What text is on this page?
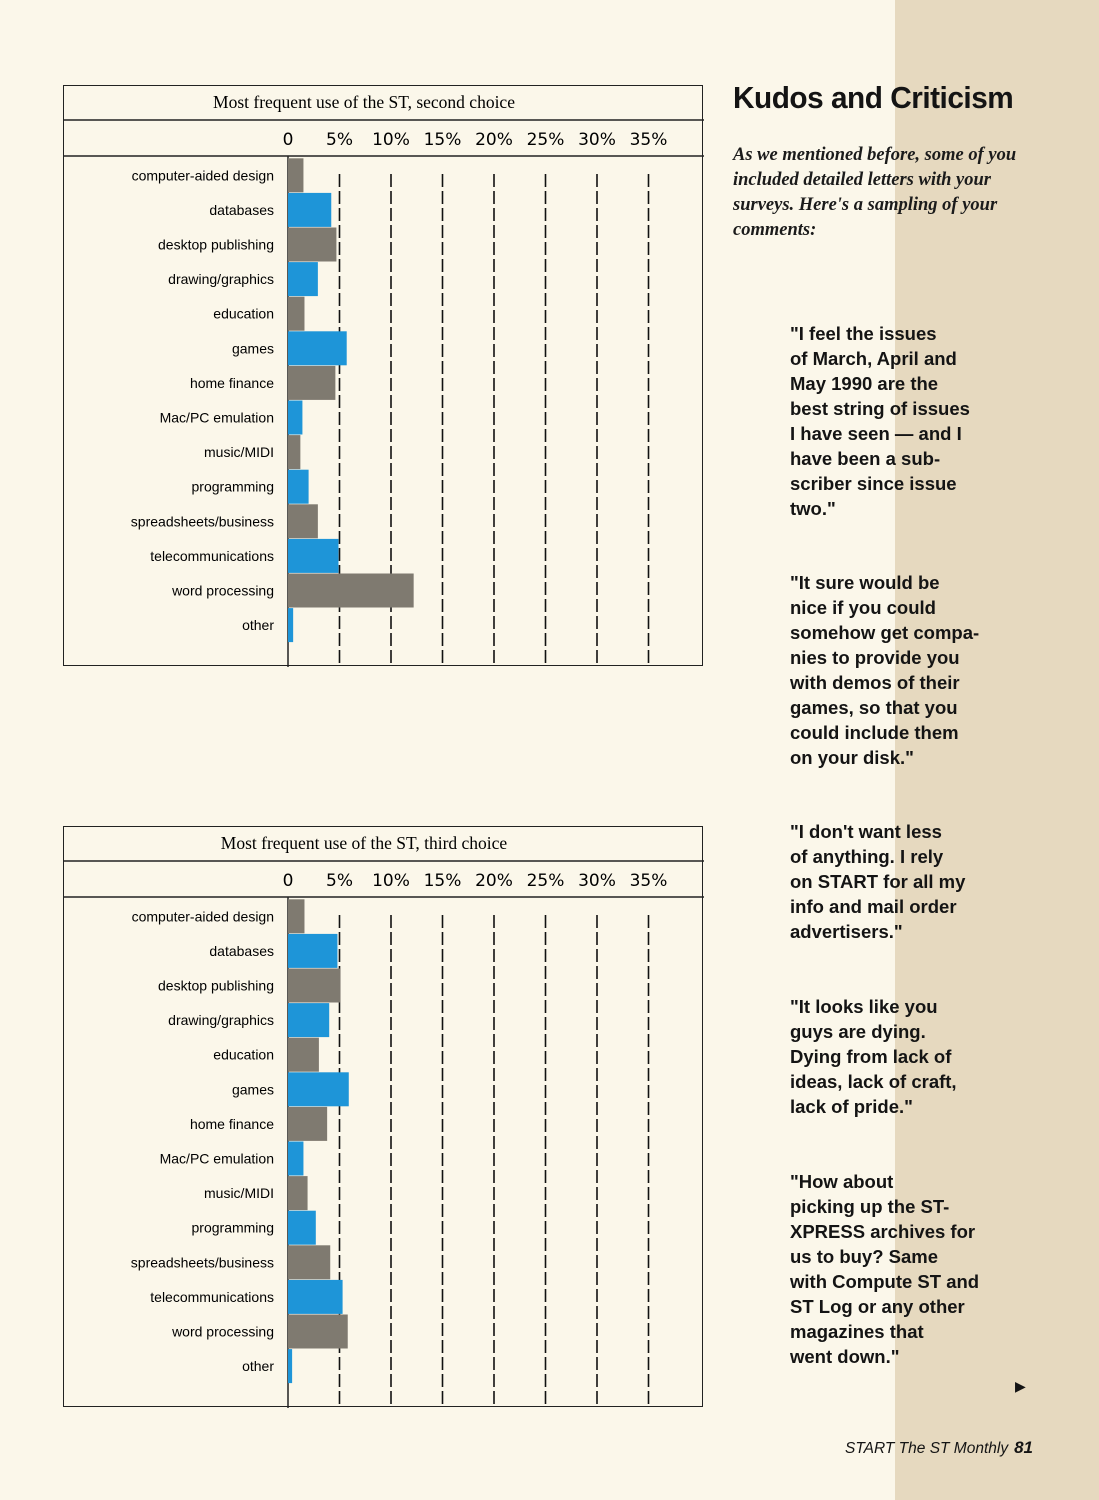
Most frequent use of the ST, second choice
0 5% 10% 15% 20% 25% 30% 35%
computer-aided design
databases
desktop publishing
drawing/graphics
education
games
home finance
Mac/PC emulation
music/MIDI
programming
spreadsheets/business
telecommunications
word processing
other
Most frequent use of the ST, third choice
0 5% 10% 15% 20% 25% 30% 35%
computer-aided design
databases
desktop publishing
drawing/graphics
education
games
home finance
Mac/PC emulation
music/MIDI
programming
spreadsheets/business
telecommunications
word processing
other
Kudos and Criticism

As we mentioned before, some of you included detailed letters with your surveys. Here's a sampling of your comments:

"I feel the issues
of March, April and
May 1990 are the
best string of issues
I have seen — and I
have been a sub-
scriber since issue
two."

"It sure would be
nice if you could
somehow get compa-
nies to provide you
with demos of their
games, so that you
could include them
on your disk."

"I don't want less
of anything. I rely
on START for all my
info and mail order
advertisers."

"It looks like you
guys are dying.
Dying from lack of
ideas, lack of craft,
lack of pride."

"How about
picking up the ST-
XPRESS archives for
us to buy? Same
with Compute ST and
ST Log or any other
magazines that
went down."

▶
START The ST Monthly 81
